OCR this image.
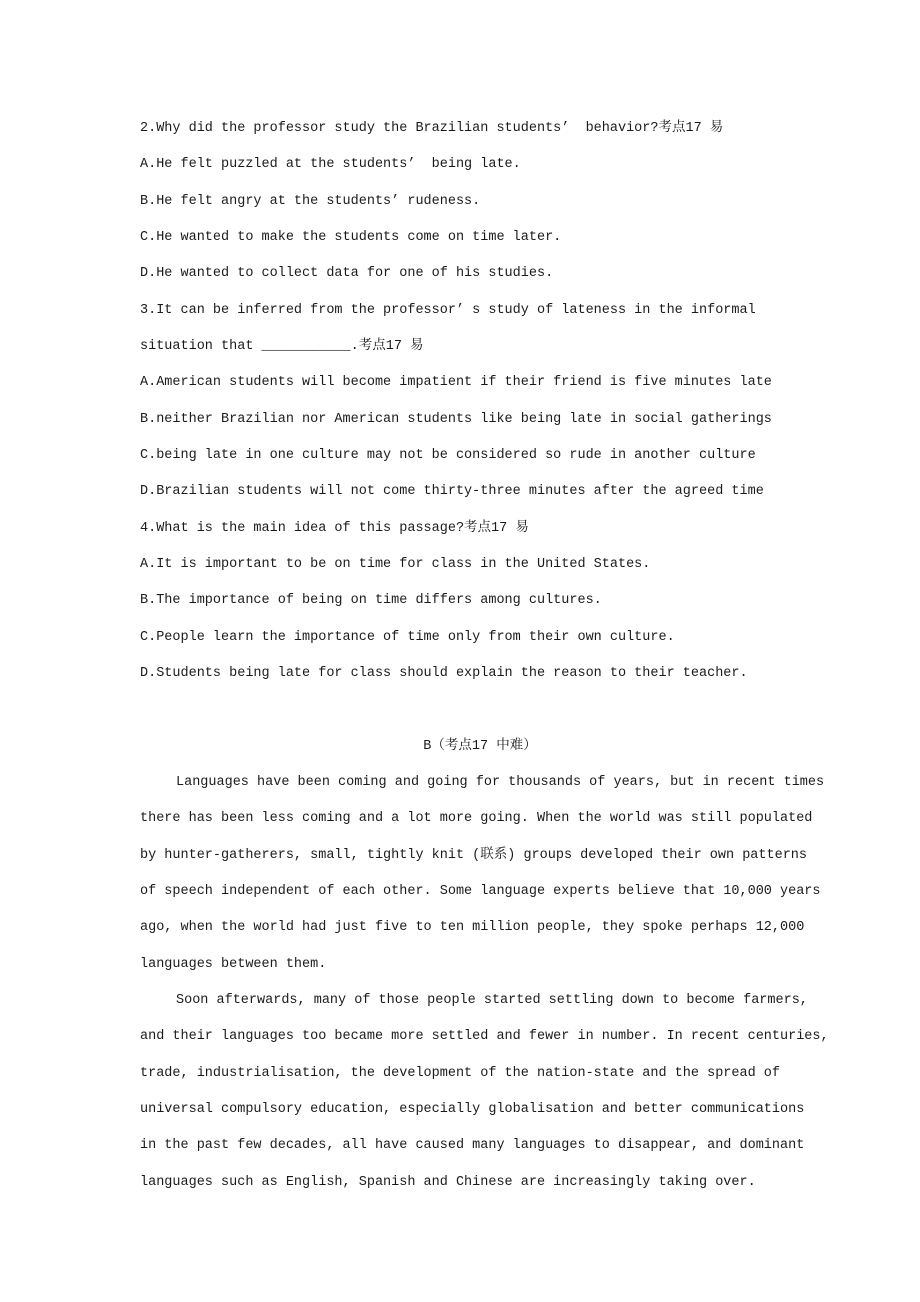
2.Why did the professor study the Brazilian students’  behavior?考点17 易
A.He felt puzzled at the students’  being late.
B.He felt angry at the students’ rudeness.
C.He wanted to make the students come on time later.
D.He wanted to collect data for one of his studies.
3.It can be inferred from the professor’ s study of lateness in the informal
situation that ___________.考点17 易
A.American students will become impatient if their friend is five minutes late
B.neither Brazilian nor American students like being late in social gatherings
C.being late in one culture may not be considered so rude in another culture
D.Brazilian students will not come thirty-three minutes after the agreed time
4.What is the main idea of this passage?考点17 易
A.It is important to be on time for class in the United States.
B.The importance of being on time differs among cultures.
C.People learn the importance of time only from their own culture.
D.Students being late for class should explain the reason to their teacher.
B（考点17 中难）
Languages have been coming and going for thousands of years, but in recent times
there has been less coming and a lot more going. When the world was still populated
by hunter-gatherers, small, tightly knit (联系) groups developed their own patterns
of speech independent of each other. Some language experts believe that 10,000 years
ago, when the world had just five to ten million people, they spoke perhaps 12,000
languages between them.
Soon afterwards, many of those people started settling down to become farmers,
and their languages too became more settled and fewer in number. In recent centuries,
trade, industrialisation, the development of the nation-state and the spread of
universal compulsory education, especially globalisation and better communications
in the past few decades, all have caused many languages to disappear, and dominant
languages such as English, Spanish and Chinese are increasingly taking over.
